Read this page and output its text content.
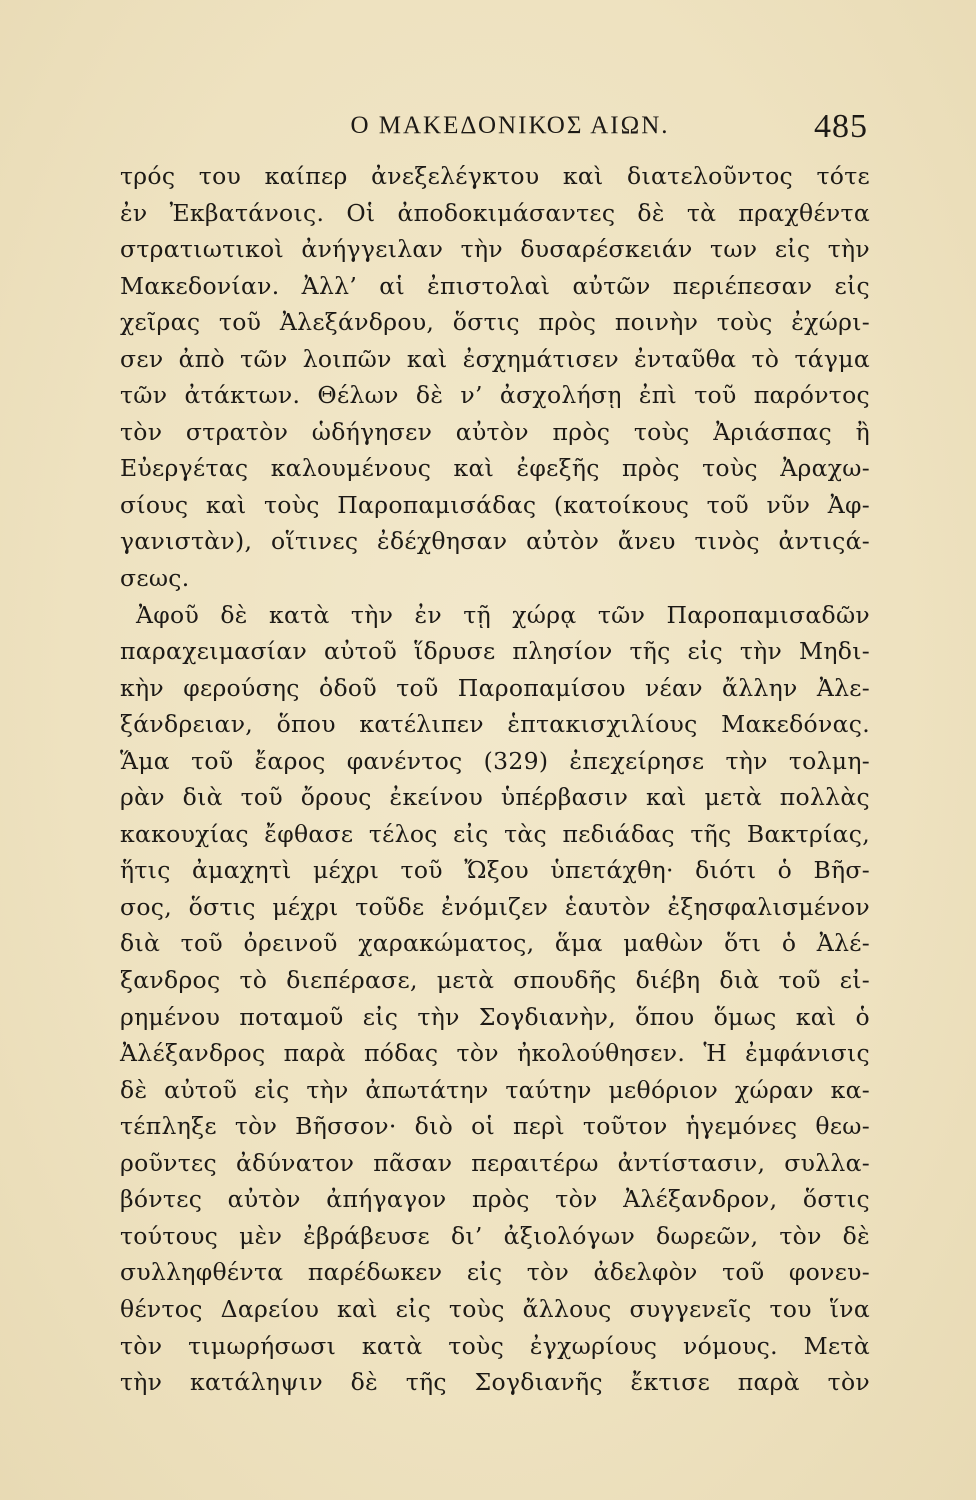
Ο ΜΑΚΕΔΟΝΙΚΟΣ ΑΙΩΝ.	485
τρός του καίπερ ἀνεξελέγκτου καὶ διατελοῦντος τότε
ἐν Ἐκβατάνοις. Οἱ ἀποδοκιμάσαντες δὲ τὰ πραχθέντα
στρατιωτικοὶ ἀνήγγειλαν τὴν δυσαρέσκειάν των εἰς τὴν
Μακεδονίαν. Ἀλλ’ αἱ ἐπιστολαὶ αὐτῶν περιέπεσαν εἰς
χεῖρας τοῦ Ἀλεξάνδρου, ὅστις πρὸς ποινὴν τοὺς ἐχώρι-
σεν ἀπὸ τῶν λοιπῶν καὶ ἐσχημάτισεν ἐνταῦθα τὸ τάγμα
τῶν ἀτάκτων. Θέλων δὲ ν’ ἀσχολήσῃ ἐπὶ τοῦ παρόντος
τὸν στρατὸν ὡδήγησεν αὐτὸν πρὸς τοὺς Ἀριάσπας ἢ
Εὐεργέτας καλουμένους καὶ ἐφεξῆς πρὸς τοὺς Ἀραχω-
σίους καὶ τοὺς Παροπαμισάδας (κατοίκους τοῦ νῦν Ἀφ-
γανιστὰν), οἵτινες ἐδέχθησαν αὐτὸν ἄνευ τινὸς ἀντιςά-
σεως.
Ἀφοῦ δὲ κατὰ τὴν ἐν τῇ χώρᾳ τῶν Παροπαμισαδῶν
παραχειμασίαν αὐτοῦ ἵδρυσε πλησίον τῆς εἰς τὴν Μηδι-
κὴν φερούσης ὁδοῦ τοῦ Παροπαμίσου νέαν ἄλλην Ἀλε-
ξάνδρειαν, ὅπου κατέλιπεν ἑπτακισχιλίους Μακεδόνας.
Ἅμα τοῦ ἔαρος φανέντος (329) ἐπεχείρησε τὴν τολμη-
ρὰν διὰ τοῦ ὄρους ἐκείνου ὑπέρβασιν καὶ μετὰ πολλὰς
κακουχίας ἔφθασε τέλος εἰς τὰς πεδιάδας τῆς Βακτρίας,
ἥτις ἀμαχητὶ μέχρι τοῦ Ὤξου ὑπετάχθη· διότι ὁ Βῆσ-
σος, ὅστις μέχρι τοῦδε ἐνόμιζεν ἑαυτὸν ἐξησφαλισμένον
διὰ τοῦ ὀρεινοῦ χαρακώματος, ἅμα μαθὼν ὅτι ὁ Ἀλέ-
ξανδρος τὸ διεπέρασε, μετὰ σπουδῆς διέβη διὰ τοῦ εἰ-
ρημένου ποταμοῦ εἰς τὴν Σογδιανὴν, ὅπου ὅμως καὶ ὁ
Ἀλέξανδρος παρὰ πόδας τὸν ἠκολούθησεν. Ἡ ἐμφάνισις
δὲ αὐτοῦ εἰς τὴν ἀπωτάτην ταύτην μεθόριον χώραν κα-
τέπληξε τὸν Βῆσσον· διὸ οἱ περὶ τοῦτον ἡγεμόνες θεω-
ροῦντες ἀδύνατον πᾶσαν περαιτέρω ἀντίστασιν, συλλα-
βόντες αὐτὸν ἀπήγαγον πρὸς τὸν Ἀλέξανδρον, ὅστις
τούτους μὲν ἐβράβευσε δι’ ἀξιολόγων δωρεῶν, τὸν δὲ
συλληφθέντα παρέδωκεν εἰς τὸν ἀδελφὸν τοῦ φονευ-
θέντος Δαρείου καὶ εἰς τοὺς ἄλλους συγγενεῖς του ἵνα
τὸν τιμωρήσωσι κατὰ τοὺς ἐγχωρίους νόμους. Μετὰ
τὴν κατάληψιν δὲ τῆς Σογδιανῆς ἔκτισε παρὰ τὸν
